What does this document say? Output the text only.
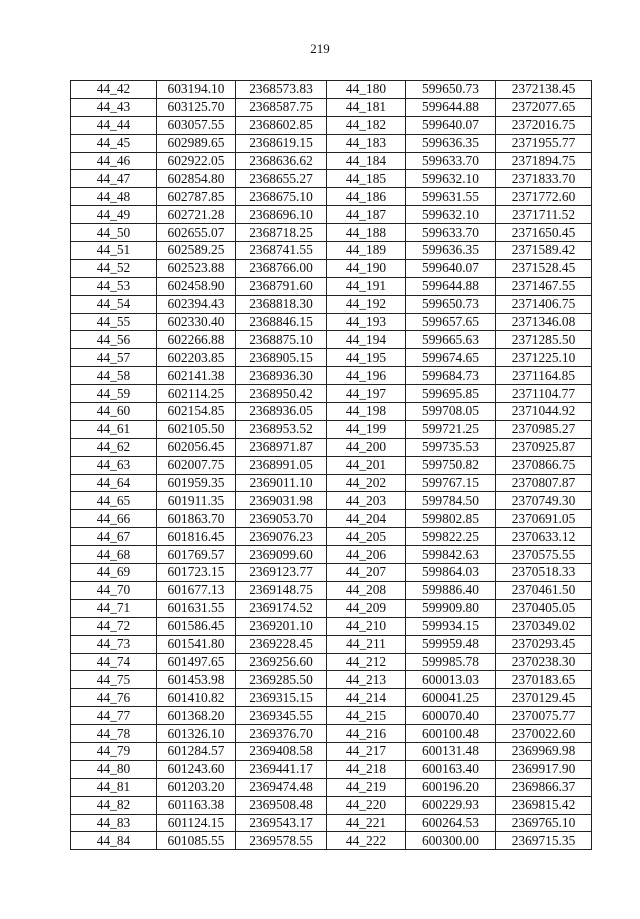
219
44_42	603194.10	2368573.83	44_180	599650.73	2372138.45
44_43	603125.70	2368587.75	44_181	599644.88	2372077.65
44_44	603057.55	2368602.85	44_182	599640.07	2372016.75
44_45	602989.65	2368619.15	44_183	599636.35	2371955.77
44_46	602922.05	2368636.62	44_184	599633.70	2371894.75
44_47	602854.80	2368655.27	44_185	599632.10	2371833.70
44_48	602787.85	2368675.10	44_186	599631.55	2371772.60
44_49	602721.28	2368696.10	44_187	599632.10	2371711.52
44_50	602655.07	2368718.25	44_188	599633.70	2371650.45
44_51	602589.25	2368741.55	44_189	599636.35	2371589.42
44_52	602523.88	2368766.00	44_190	599640.07	2371528.45
44_53	602458.90	2368791.60	44_191	599644.88	2371467.55
44_54	602394.43	2368818.30	44_192	599650.73	2371406.75
44_55	602330.40	2368846.15	44_193	599657.65	2371346.08
44_56	602266.88	2368875.10	44_194	599665.63	2371285.50
44_57	602203.85	2368905.15	44_195	599674.65	2371225.10
44_58	602141.38	2368936.30	44_196	599684.73	2371164.85
44_59	602114.25	2368950.42	44_197	599695.85	2371104.77
44_60	602154.85	2368936.05	44_198	599708.05	2371044.92
44_61	602105.50	2368953.52	44_199	599721.25	2370985.27
44_62	602056.45	2368971.87	44_200	599735.53	2370925.87
44_63	602007.75	2368991.05	44_201	599750.82	2370866.75
44_64	601959.35	2369011.10	44_202	599767.15	2370807.87
44_65	601911.35	2369031.98	44_203	599784.50	2370749.30
44_66	601863.70	2369053.70	44_204	599802.85	2370691.05
44_67	601816.45	2369076.23	44_205	599822.25	2370633.12
44_68	601769.57	2369099.60	44_206	599842.63	2370575.55
44_69	601723.15	2369123.77	44_207	599864.03	2370518.33
44_70	601677.13	2369148.75	44_208	599886.40	2370461.50
44_71	601631.55	2369174.52	44_209	599909.80	2370405.05
44_72	601586.45	2369201.10	44_210	599934.15	2370349.02
44_73	601541.80	2369228.45	44_211	599959.48	2370293.45
44_74	601497.65	2369256.60	44_212	599985.78	2370238.30
44_75	601453.98	2369285.50	44_213	600013.03	2370183.65
44_76	601410.82	2369315.15	44_214	600041.25	2370129.45
44_77	601368.20	2369345.55	44_215	600070.40	2370075.77
44_78	601326.10	2369376.70	44_216	600100.48	2370022.60
44_79	601284.57	2369408.58	44_217	600131.48	2369969.98
44_80	601243.60	2369441.17	44_218	600163.40	2369917.90
44_81	601203.20	2369474.48	44_219	600196.20	2369866.37
44_82	601163.38	2369508.48	44_220	600229.93	2369815.42
44_83	601124.15	2369543.17	44_221	600264.53	2369765.10
44_84	601085.55	2369578.55	44_222	600300.00	2369715.35
